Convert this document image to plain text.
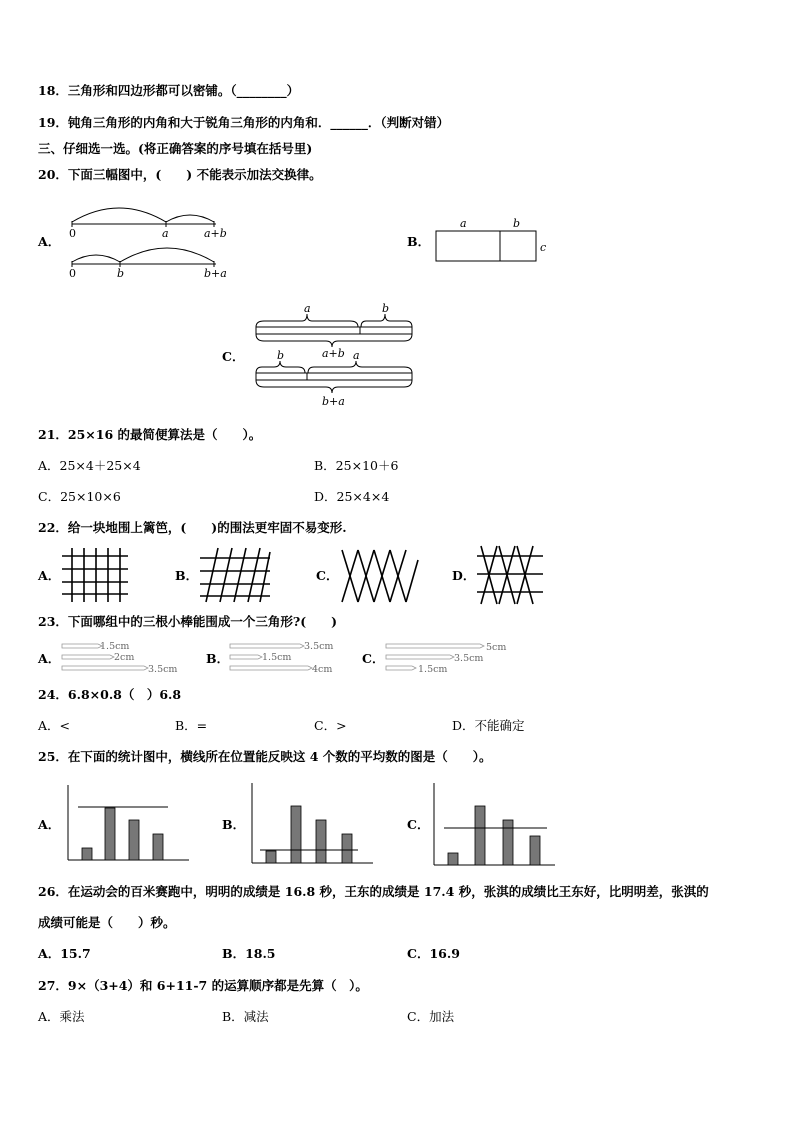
18．三角形和四边形都可以密铺。（________）
19．钝角三角形的内角和大于锐角三角形的内角和．______．（判断对错）
三、仔细选一选。(将正确答案的序号填在括号里)
20．下面三幅图中，(　　) 不能表示加法交换律。
A．
0	a	a+b
0	b	b+a
B．
a	b
c
C．
a	b
a+b
b	a
b+a
21．25×16 的最简便算法是（　　）。
A．25×4＋25×4	B．25×10＋6
C．25×10×6	D．25×4×4
22．给一块地围上篱笆，(　　)的围法更牢固不易变形.
A．	B．	C．	D．
23．下面哪组中的三根小棒能围成一个三角形?(　　)
A．
1.5cm
2cm
3.5cm
B．
3.5cm
1.5cm
4cm
C．
5cm
3.5cm
1.5cm
24．6.8×0.8（　）6.8
A．<	B．=	C．>	D．不能确定
25．在下面的统计图中，横线所在位置能反映这 4 个数的平均数的图是（　　）。
A．	B．	C．
26．在运动会的百米赛跑中，明明的成绩是 16.8 秒，王东的成绩是 17.4 秒，张淇的成绩比王东好，比明明差，张淇的
成绩可能是（　　）秒。
A．15.7	B．18.5	C．16.9
27．9×（3+4）和 6+11-7 的运算顺序都是先算（　）。
A．乘法	B．减法	C．加法
